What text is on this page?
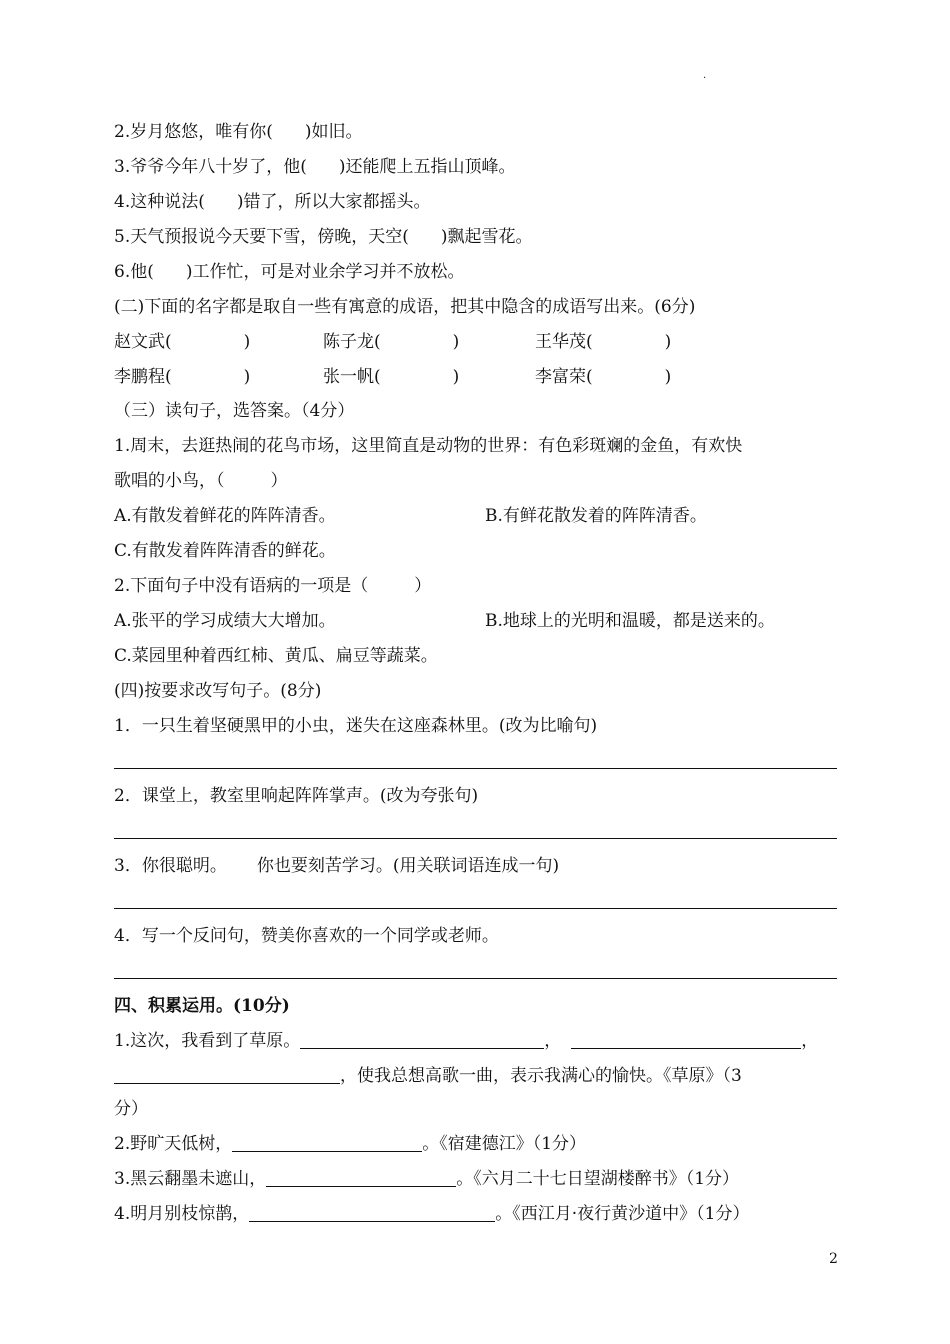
.
2.岁月悠悠，唯有你( )如旧。
3.爷爷今年八十岁了，他( )还能爬上五指山顶峰。
4.这种说法( )错了，所以大家都摇头。
5.天气预报说今天要下雪，傍晚，天空( )飘起雪花。
6.他( )工作忙，可是对业余学习并不放松。
(二)下面的名字都是取自一些有寓意的成语，把其中隐含的成语写出来。(6分)
赵文武(	)	陈子龙(	)	王华茂(	)
李鹏程(	)	张一帆(	)	李富荣(	)
（三）读句子，选答案。（4分）
1.周末，去逛热闹的花鸟市场，这里简直是动物的世界：有色彩斑斓的金鱼，有欢快
歌唱的小鸟，（	）
A.有散发着鲜花的阵阵清香。	B.有鲜花散发着的阵阵清香。
C.有散发着阵阵清香的鲜花。
2.下面句子中没有语病的一项是（	）
A.张平的学习成绩大大增加。	B.地球上的光明和温暖，都是送来的。
C.菜园里种着西红柿、黄瓜、扁豆等蔬菜。
(四)按要求改写句子。(8分)
1．一只生着坚硬黑甲的小虫，迷失在这座森林里。(改为比喻句)
2．课堂上，教室里响起阵阵掌声。(改为夸张句)
3．你很聪明。 你也要刻苦学习。(用关联词语连成一句)
4．写一个反问句，赞美你喜欢的一个同学或老师。
四、积累运用。(10分)
1.这次，我看到了草原。	，	，
，使我总想高歌一曲，表示我满心的愉快。《草原》（3
分）
2.野旷天低树，	。《宿建德江》（1分）
3.黑云翻墨未遮山，	。《六月二十七日望湖楼醉书》（1分）
4.明月别枝惊鹊，	。《西江月·夜行黄沙道中》（1分）
2
